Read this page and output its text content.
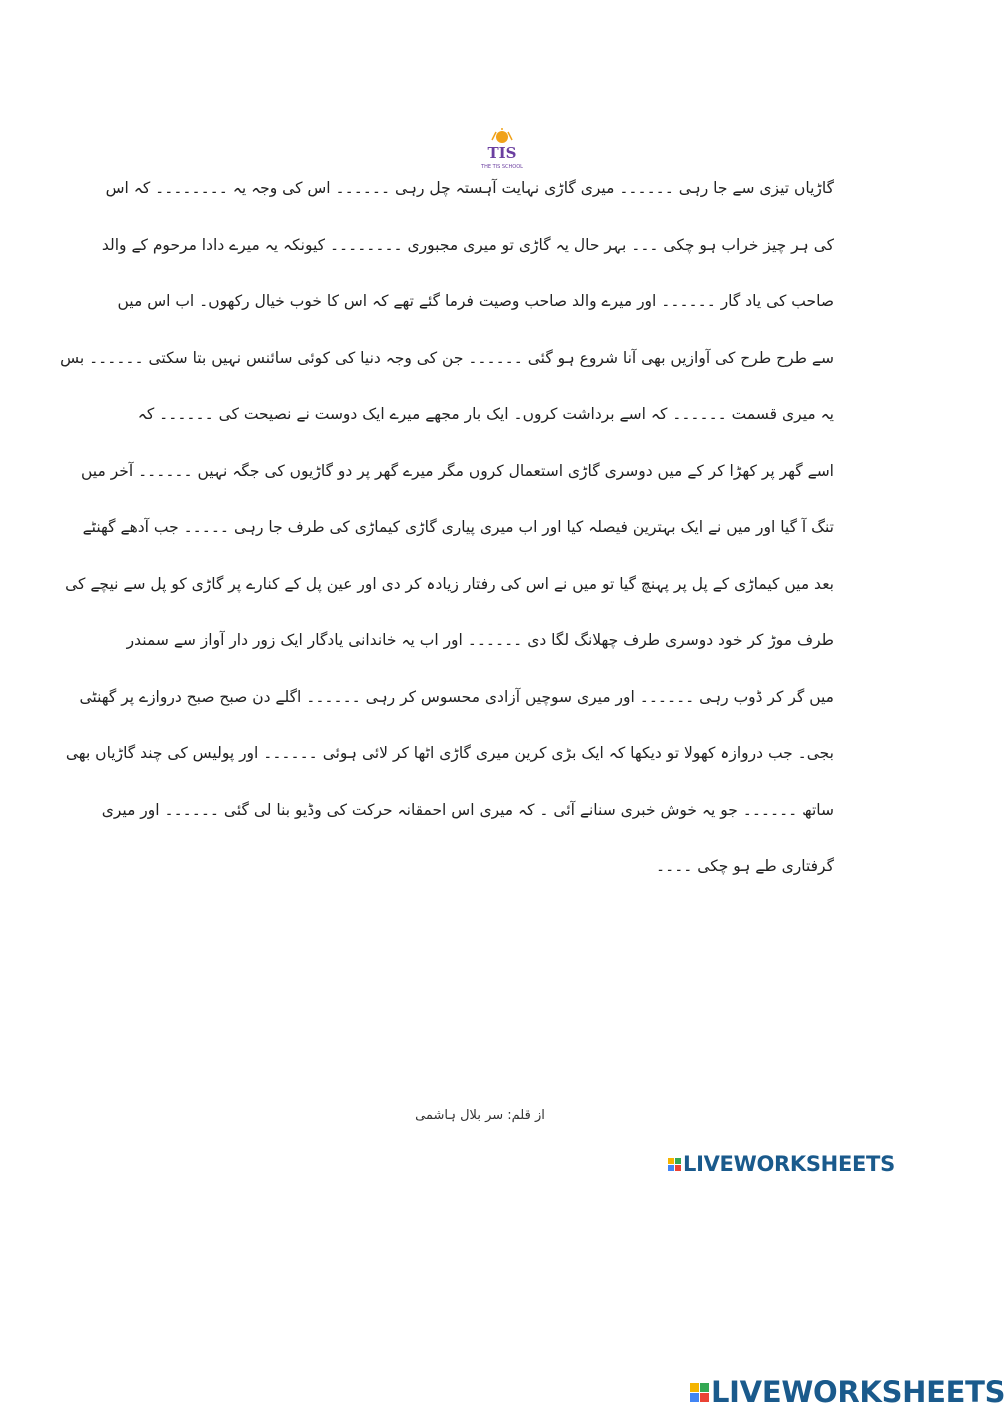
TIS
THE TIS SCHOOL
گاڑیاں تیزی سے جا رہی ۔۔۔۔۔۔ میری گاڑی نہایت آہستہ چل رہی ۔۔۔۔۔۔ اس کی وجہ یہ ۔۔۔۔۔۔۔۔ کہ اس
کی ہر چیز خراب ہو چکی ۔۔۔ بہر حال یہ گاڑی تو میری مجبوری ۔۔۔۔۔۔۔۔ کیونکہ یہ میرے دادا مرحوم کے والد
صاحب کی یاد گار ۔۔۔۔۔۔ اور میرے والد صاحب وصیت فرما گئے تھے کہ اس کا خوب خیال رکھوں۔ اب اس میں
سے طرح طرح کی آوازیں بھی آنا شروع ہو گئی ۔۔۔۔۔۔ جن کی وجہ دنیا کی کوئی سائنس نہیں بتا سکتی ۔۔۔۔۔۔ بس
یہ میری قسمت ۔۔۔۔۔۔ کہ اسے برداشت کروں۔ ایک بار مجھے میرے ایک دوست نے نصیحت کی ۔۔۔۔۔۔ کہ
اسے گھر پر کھڑا کر کے میں دوسری گاڑی استعمال کروں مگر میرے گھر پر دو گاڑیوں کی جگہ نہیں ۔۔۔۔۔۔ آخر میں
تنگ آ گیا اور میں نے ایک بہترین فیصلہ کیا اور اب میری پیاری گاڑی کیماڑی کی طرف جا رہی ۔۔۔۔۔ جب آدھے گھنٹے
بعد میں کیماڑی کے پل پر پہنچ گیا تو میں نے اس کی رفتار زیادہ کر دی اور عین پل کے کنارے پر گاڑی کو پل سے نیچے کی
طرف موڑ کر خود دوسری طرف چھلانگ لگا دی ۔۔۔۔۔۔ اور اب یہ خاندانی یادگار ایک زور دار آواز سے سمندر
میں گر کر ڈوب رہی ۔۔۔۔۔۔ اور میری سوچیں آزادی محسوس کر رہی ۔۔۔۔۔۔ اگلے دن صبح صبح دروازے پر گھنٹی
بجی۔ جب دروازہ کھولا تو دیکھا کہ ایک بڑی کرین میری گاڑی اٹھا کر لائی ہوئی ۔۔۔۔۔۔ اور پولیس کی چند گاڑیاں بھی
ساتھ ۔۔۔۔۔۔ جو یہ خوش خبری سنانے آئی ۔ کہ میری اس احمقانہ حرکت کی وڈیو بنا لی گئی ۔۔۔۔۔۔ اور میری
گرفتاری طے ہو چکی ۔۔۔۔
از قلم: سر بلال ہاشمی
LIVEWORKSHEETS
LIVEWORKSHEETS
